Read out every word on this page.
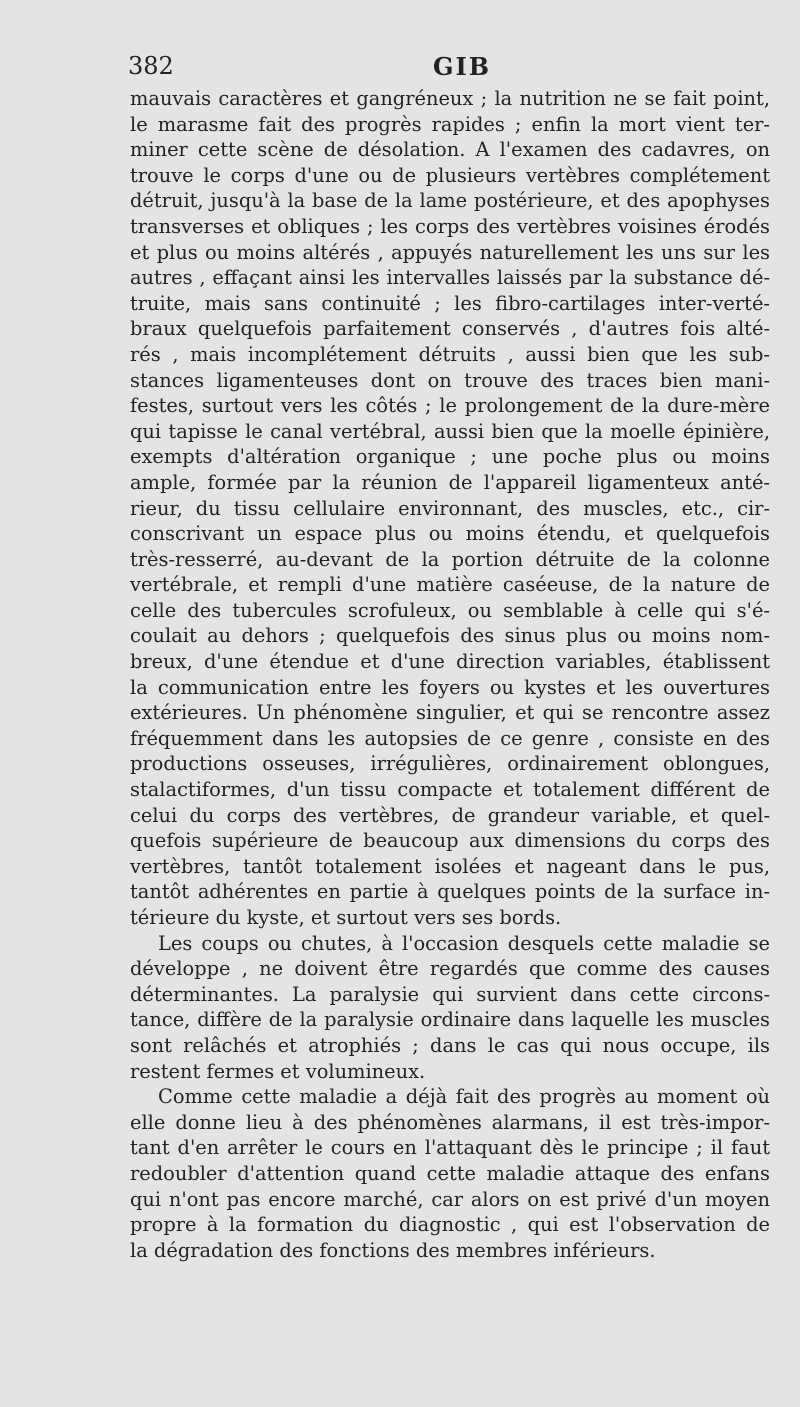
382	GIB
mauvais caractères et gangréneux ; la nutrition ne se fait point,
le marasme fait des progrès rapides ; enfin la mort vient ter-
miner cette scène de désolation. A l'examen des cadavres, on
trouve le corps d'une ou de plusieurs vertèbres complétement
détruit, jusqu'à la base de la lame postérieure, et des apophyses
transverses et obliques ; les corps des vertèbres voisines érodés
et plus ou moins altérés , appuyés naturellement les uns sur les
autres , effaçant ainsi les intervalles laissés par la substance dé-
truite, mais sans continuité ; les fibro-cartilages inter-verté-
braux quelquefois parfaitement conservés , d'autres fois alté-
rés , mais incomplétement détruits , aussi bien que les sub-
stances ligamenteuses dont on trouve des traces bien mani-
festes, surtout vers les côtés ; le prolongement de la dure-mère
qui tapisse le canal vertébral, aussi bien que la moelle épinière,
exempts d'altération organique ; une poche plus ou moins
ample, formée par la réunion de l'appareil ligamenteux anté-
rieur, du tissu cellulaire environnant, des muscles, etc., cir-
conscrivant un espace plus ou moins étendu, et quelquefois
très-resserré, au-devant de la portion détruite de la colonne
vertébrale, et rempli d'une matière caséeuse, de la nature de
celle des tubercules scrofuleux, ou semblable à celle qui s'é-
coulait au dehors ; quelquefois des sinus plus ou moins nom-
breux, d'une étendue et d'une direction variables, établissent
la communication entre les foyers ou kystes et les ouvertures
extérieures. Un phénomène singulier, et qui se rencontre assez
fréquemment dans les autopsies de ce genre , consiste en des
productions osseuses, irrégulières, ordinairement oblongues,
stalactiformes, d'un tissu compacte et totalement différent de
celui du corps des vertèbres, de grandeur variable, et quel-
quefois supérieure de beaucoup aux dimensions du corps des
vertèbres, tantôt totalement isolées et nageant dans le pus,
tantôt adhérentes en partie à quelques points de la surface in-
térieure du kyste, et surtout vers ses bords.
Les coups ou chutes, à l'occasion desquels cette maladie se
développe , ne doivent être regardés que comme des causes
déterminantes. La paralysie qui survient dans cette circons-
tance, diffère de la paralysie ordinaire dans laquelle les muscles
sont relâchés et atrophiés ; dans le cas qui nous occupe, ils
restent fermes et volumineux.
Comme cette maladie a déjà fait des progrès au moment où
elle donne lieu à des phénomènes alarmans, il est très-impor-
tant d'en arrêter le cours en l'attaquant dès le principe ; il faut
redoubler d'attention quand cette maladie attaque des enfans
qui n'ont pas encore marché, car alors on est privé d'un moyen
propre à la formation du diagnostic , qui est l'observation de
la dégradation des fonctions des membres inférieurs.
